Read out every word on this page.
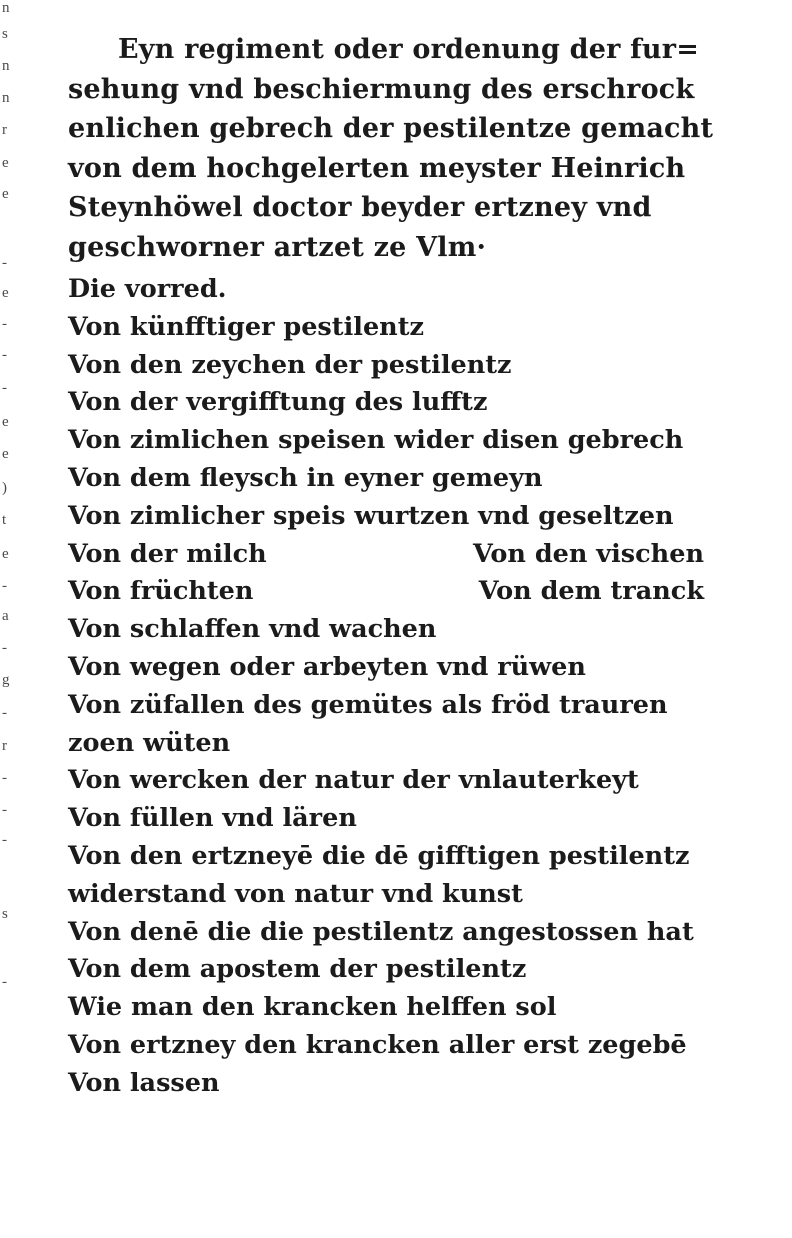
n
s
n
n
r
e
e
-
e
-
-
-
e
e
)
t
e
-
a
-
g
-
r
-
-
-
s
-
Eyn regiment oder ordenung der fur=
sehung vnd beschiermung des erschrock
enlichen gebrech der pestilentze gemacht
von dem hochgelerten meyster Heinrich
Steynhöwel doctor beyder ertzney vnd
geschworner artzet ze Vlm·
Die vorred.
Von künfftiger pestilentz
Von den zeychen der pestilentz
Von der vergifftung des lufftz
Von zimlichen speisen wider disen gebrech
Von dem fleysch in eyner gemeyn
Von zimlicher speis wurtzen vnd geseltzen
Von der milch	Von den vischen
Von früchten	Von dem tranck
Von schlaffen vnd wachen
Von wegen oder arbeyten vnd rüwen
Von züfallen des gemütes als fröd trauren
zoen wüten
Von wercken der natur der vnlauterkeyt
Von füllen vnd lären
Von den ertzneyē die dē gifftigen pestilentz
widerstand von natur vnd kunst
Von denē die die pestilentz angestossen hat
Von dem apostem der pestilentz
Wie man den krancken helffen sol
Von ertzney den krancken aller erst zegebē
Von lassen
